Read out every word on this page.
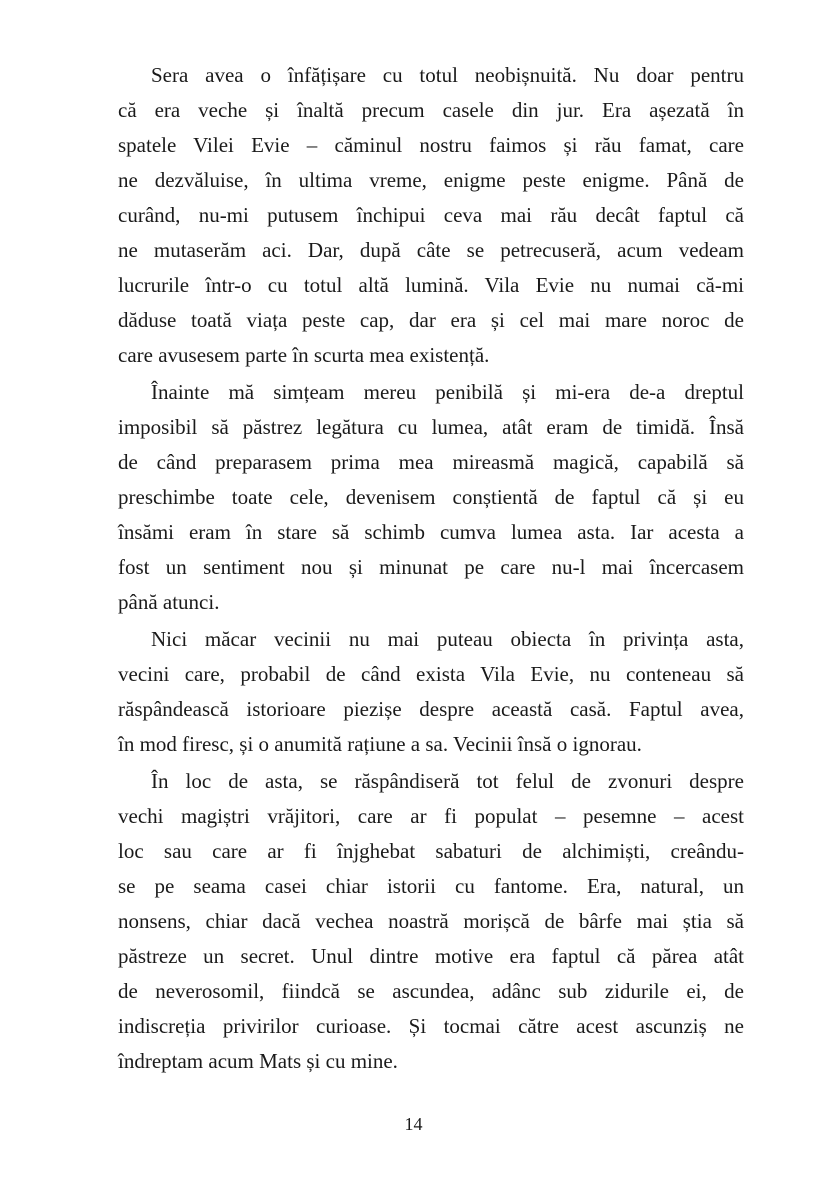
Sera avea o înfățișare cu totul neobișnuită. Nu doar pentru
că era veche și înaltă precum casele din jur. Era așezată în
spatele Vilei Evie – căminul nostru faimos și rău famat, care
ne dezvăluise, în ultima vreme, enigme peste enigme. Până de
curând, nu-mi putusem închipui ceva mai rău decât faptul că
ne mutaserăm aci. Dar, după câte se petrecuseră, acum vedeam
lucrurile într-o cu totul altă lumină. Vila Evie nu numai că-mi
dăduse toată viața peste cap, dar era și cel mai mare noroc de
care avusesem parte în scurta mea existență.
Înainte mă simțeam mereu penibilă și mi-era de-a dreptul
imposibil să păstrez legătura cu lumea, atât eram de timidă. Însă
de când preparasem prima mea mireasmă magică, capabilă să
preschimbe toate cele, devenisem conștientă de faptul că și eu
însămi eram în stare să schimb cumva lumea asta. Iar acesta a
fost un sentiment nou și minunat pe care nu-l mai încercasem
până atunci.
Nici măcar vecinii nu mai puteau obiecta în privința asta,
vecini care, probabil de când exista Vila Evie, nu conteneau să
răspândească istorioare piezișe despre această casă. Faptul avea,
în mod firesc, și o anumită rațiune a sa. Vecinii însă o ignorau.
În loc de asta, se răspândiseră tot felul de zvonuri despre
vechi magiștri vrăjitori, care ar fi populat – pesemne – acest
loc sau care ar fi înjghebat sabaturi de alchimiști, creându-
se pe seama casei chiar istorii cu fantome. Era, natural, un
nonsens, chiar dacă vechea noastră morișcă de bârfe mai știa să
păstreze un secret. Unul dintre motive era faptul că părea atât
de neverosomil, fiindcă se ascundea, adânc sub zidurile ei, de
indiscreția privirilor curioase. Și tocmai către acest ascunziș ne
îndreptam acum Mats și cu mine.
14
